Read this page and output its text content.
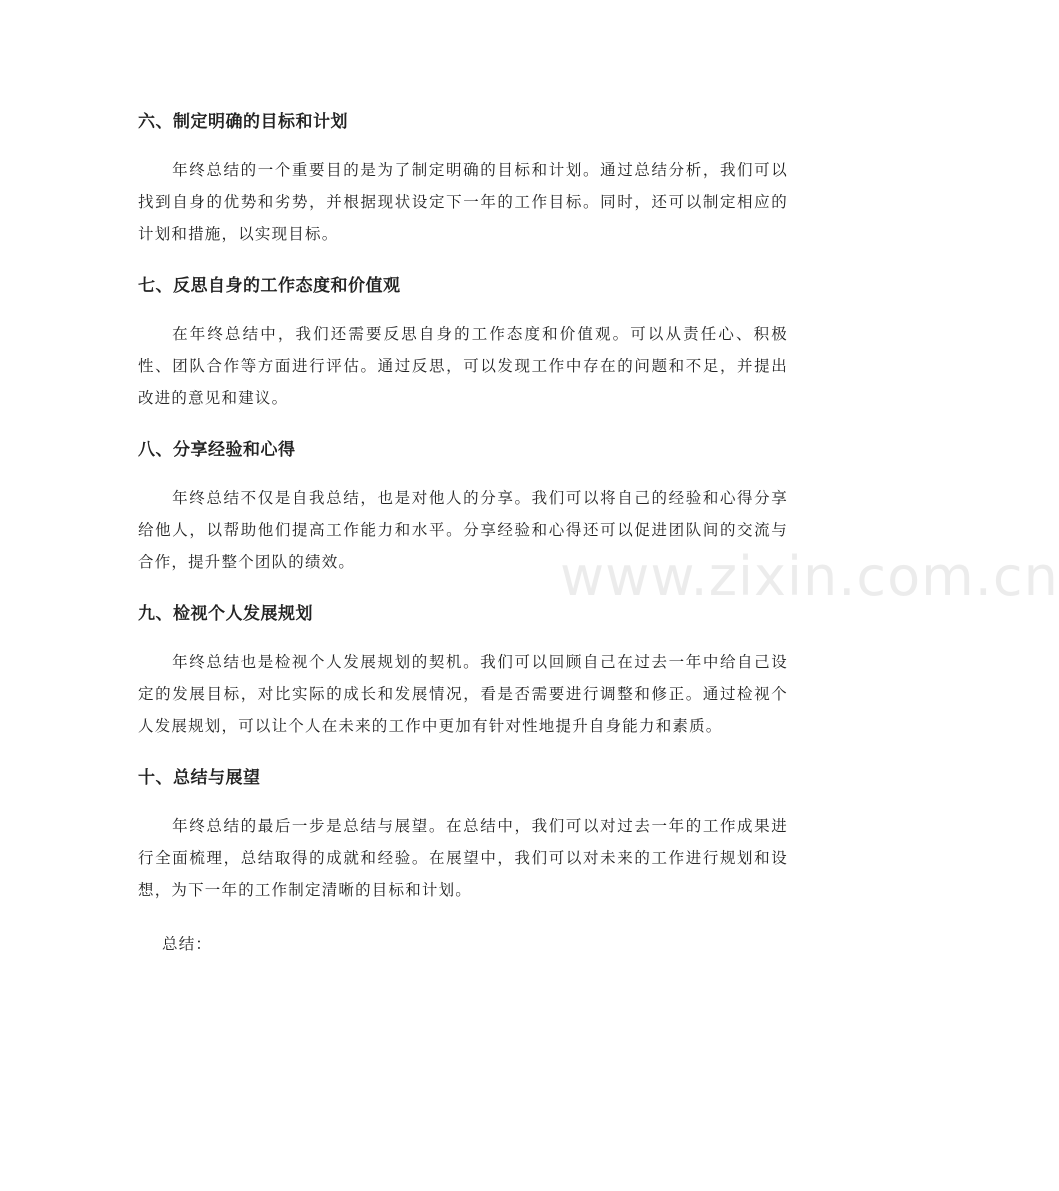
六、制定明确的目标和计划

年终总结的一个重要目的是为了制定明确的目标和计划。通过总结分析，我们可以找到自身的优势和劣势，并根据现状设定下一年的工作目标。同时，还可以制定相应的计划和措施，以实现目标。

七、反思自身的工作态度和价值观

在年终总结中，我们还需要反思自身的工作态度和价值观。可以从责任心、积极性、团队合作等方面进行评估。通过反思，可以发现工作中存在的问题和不足，并提出改进的意见和建议。

八、分享经验和心得

年终总结不仅是自我总结，也是对他人的分享。我们可以将自己的经验和心得分享给他人，以帮助他们提高工作能力和水平。分享经验和心得还可以促进团队间的交流与合作，提升整个团队的绩效。

九、检视个人发展规划

年终总结也是检视个人发展规划的契机。我们可以回顾自己在过去一年中给自己设定的发展目标，对比实际的成长和发展情况，看是否需要进行调整和修正。通过检视个人发展规划，可以让个人在未来的工作中更加有针对性地提升自身能力和素质。

十、总结与展望

年终总结的最后一步是总结与展望。在总结中，我们可以对过去一年的工作成果进行全面梳理，总结取得的成就和经验。在展望中，我们可以对未来的工作进行规划和设想，为下一年的工作制定清晰的目标和计划。

总结：

www.zixin.com.cn
